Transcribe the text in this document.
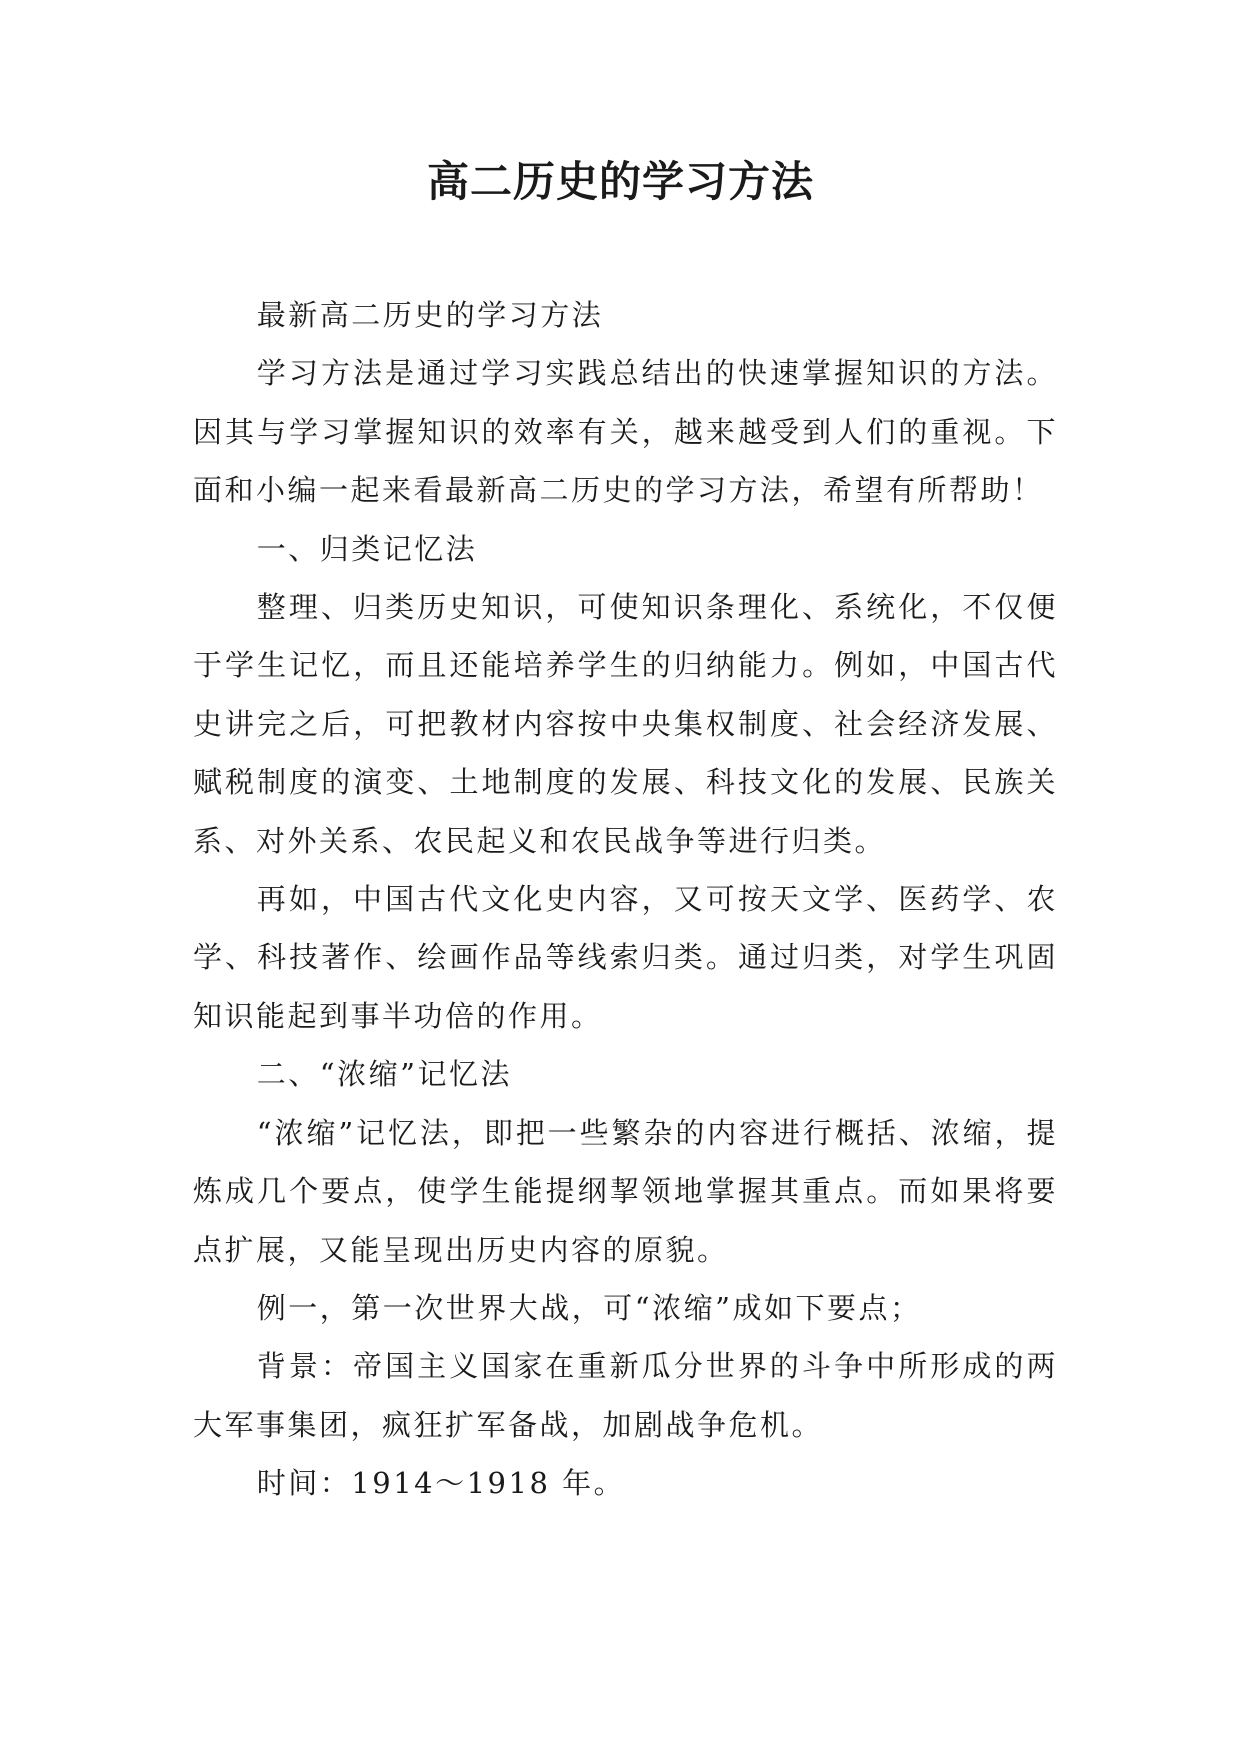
高二历史的学习方法

最新高二历史的学习方法

学习方法是通过学习实践总结出的快速掌握知识的方法。因其与学习掌握知识的效率有关，越来越受到人们的重视。下面和小编一起来看最新高二历史的学习方法，希望有所帮助！

一、归类记忆法

整理、归类历史知识，可使知识条理化、系统化，不仅便于学生记忆，而且还能培养学生的归纳能力。例如，中国古代史讲完之后，可把教材内容按中央集权制度、社会经济发展、赋税制度的演变、土地制度的发展、科技文化的发展、民族关系、对外关系、农民起义和农民战争等进行归类。

再如，中国古代文化史内容，又可按天文学、医药学、农学、科技著作、绘画作品等线索归类。通过归类，对学生巩固知识能起到事半功倍的作用。

二、“浓缩”记忆法

“浓缩”记忆法，即把一些繁杂的内容进行概括、浓缩，提炼成几个要点，使学生能提纲挈领地掌握其重点。而如果将要点扩展，又能呈现出历史内容的原貌。

例一，第一次世界大战，可“浓缩”成如下要点；

背景：帝国主义国家在重新瓜分世界的斗争中所形成的两大军事集团，疯狂扩军备战，加剧战争危机。

时间：1914～1918 年。
